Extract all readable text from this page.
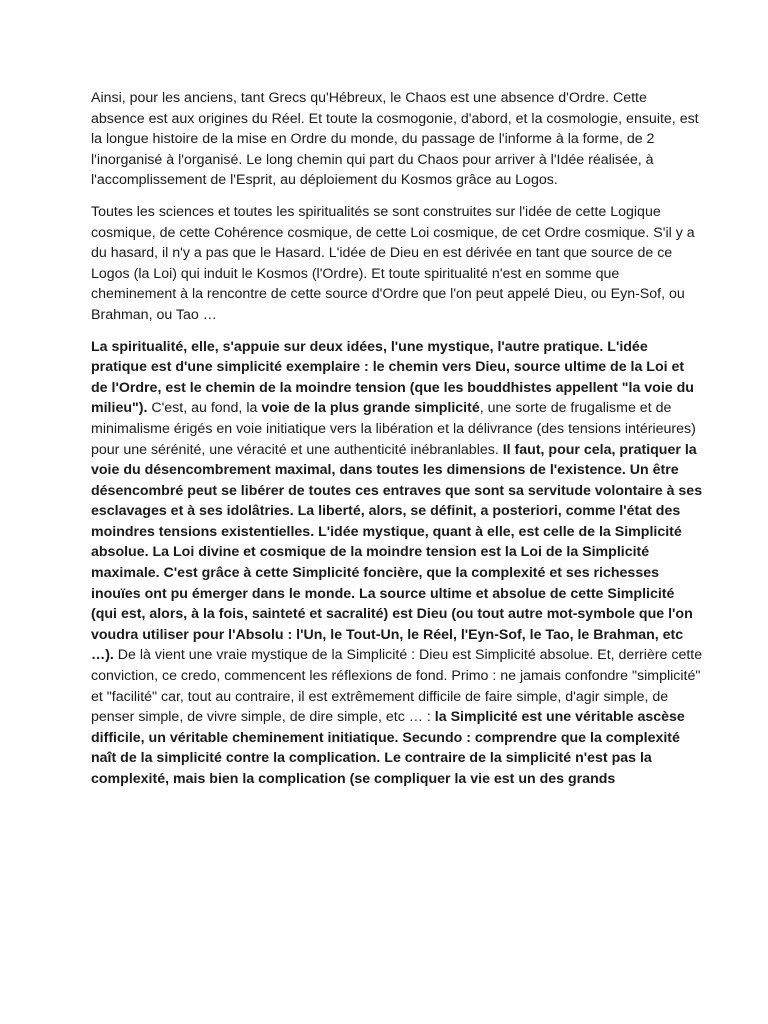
Ainsi, pour les anciens, tant Grecs qu'Hébreux, le Chaos est une absence d'Ordre. Cette absence est aux origines du Réel. Et toute la cosmogonie, d'abord, et la cosmologie, ensuite, est la longue histoire de la mise en Ordre du monde, du passage de l'informe à la forme, de 2 l'inorganisé à l'organisé. Le long chemin qui part du Chaos pour arriver à l'Idée réalisée, à l'accomplissement de l'Esprit, au déploiement du Kosmos grâce au Logos.

Toutes les sciences et toutes les spiritualités se sont construites sur l'idée de cette Logique cosmique, de cette Cohérence cosmique, de cette Loi cosmique, de cet Ordre cosmique. S'il y a du hasard, il n'y a pas que le Hasard. L'idée de Dieu en est dérivée en tant que source de ce Logos (la Loi) qui induit le Kosmos (l'Ordre). Et toute spiritualité n'est en somme que cheminement à la rencontre de cette source d'Ordre que l'on peut appelé Dieu, ou Eyn-Sof, ou Brahman, ou Tao …

La spiritualité, elle, s'appuie sur deux idées, l'une mystique, l'autre pratique. L'idée pratique est d'une simplicité exemplaire : le chemin vers Dieu, source ultime de la Loi et de l'Ordre, est le chemin de la moindre tension (que les bouddhistes appellent "la voie du milieu"). C'est, au fond, la voie de la plus grande simplicité, une sorte de frugalisme et de minimalisme érigés en voie initiatique vers la libération et la délivrance (des tensions intérieures) pour une sérénité, une véracité et une authenticité inébranlables. Il faut, pour cela, pratiquer la voie du désencombrement maximal, dans toutes les dimensions de l'existence. Un être désencombré peut se libérer de toutes ces entraves que sont sa servitude volontaire à ses esclavages et à ses idolâtries. La liberté, alors, se définit, a posteriori, comme l'état des moindres tensions existentielles. L'idée mystique, quant à elle, est celle de la Simplicité absolue. La Loi divine et cosmique de la moindre tension est la Loi de la Simplicité maximale. C'est grâce à cette Simplicité foncière, que la complexité et ses richesses inouïes ont pu émerger dans le monde. La source ultime et absolue de cette Simplicité (qui est, alors, à la fois, sainteté et sacralité) est Dieu (ou tout autre mot-symbole que l'on voudra utiliser pour l'Absolu : l'Un, le Tout-Un, le Réel, l'Eyn-Sof, le Tao, le Brahman, etc …). De là vient une vraie mystique de la Simplicité : Dieu est Simplicité absolue. Et, derrière cette conviction, ce credo, commencent les réflexions de fond. Primo : ne jamais confondre "simplicité" et "facilité" car, tout au contraire, il est extrêmement difficile de faire simple, d'agir simple, de penser simple, de vivre simple, de dire simple, etc … : la Simplicité est une véritable ascèse difficile, un véritable cheminement initiatique. Secundo : comprendre que la complexité naît de la simplicité contre la complication. Le contraire de la simplicité n'est pas la complexité, mais bien la complication (se compliquer la vie est un des grands
